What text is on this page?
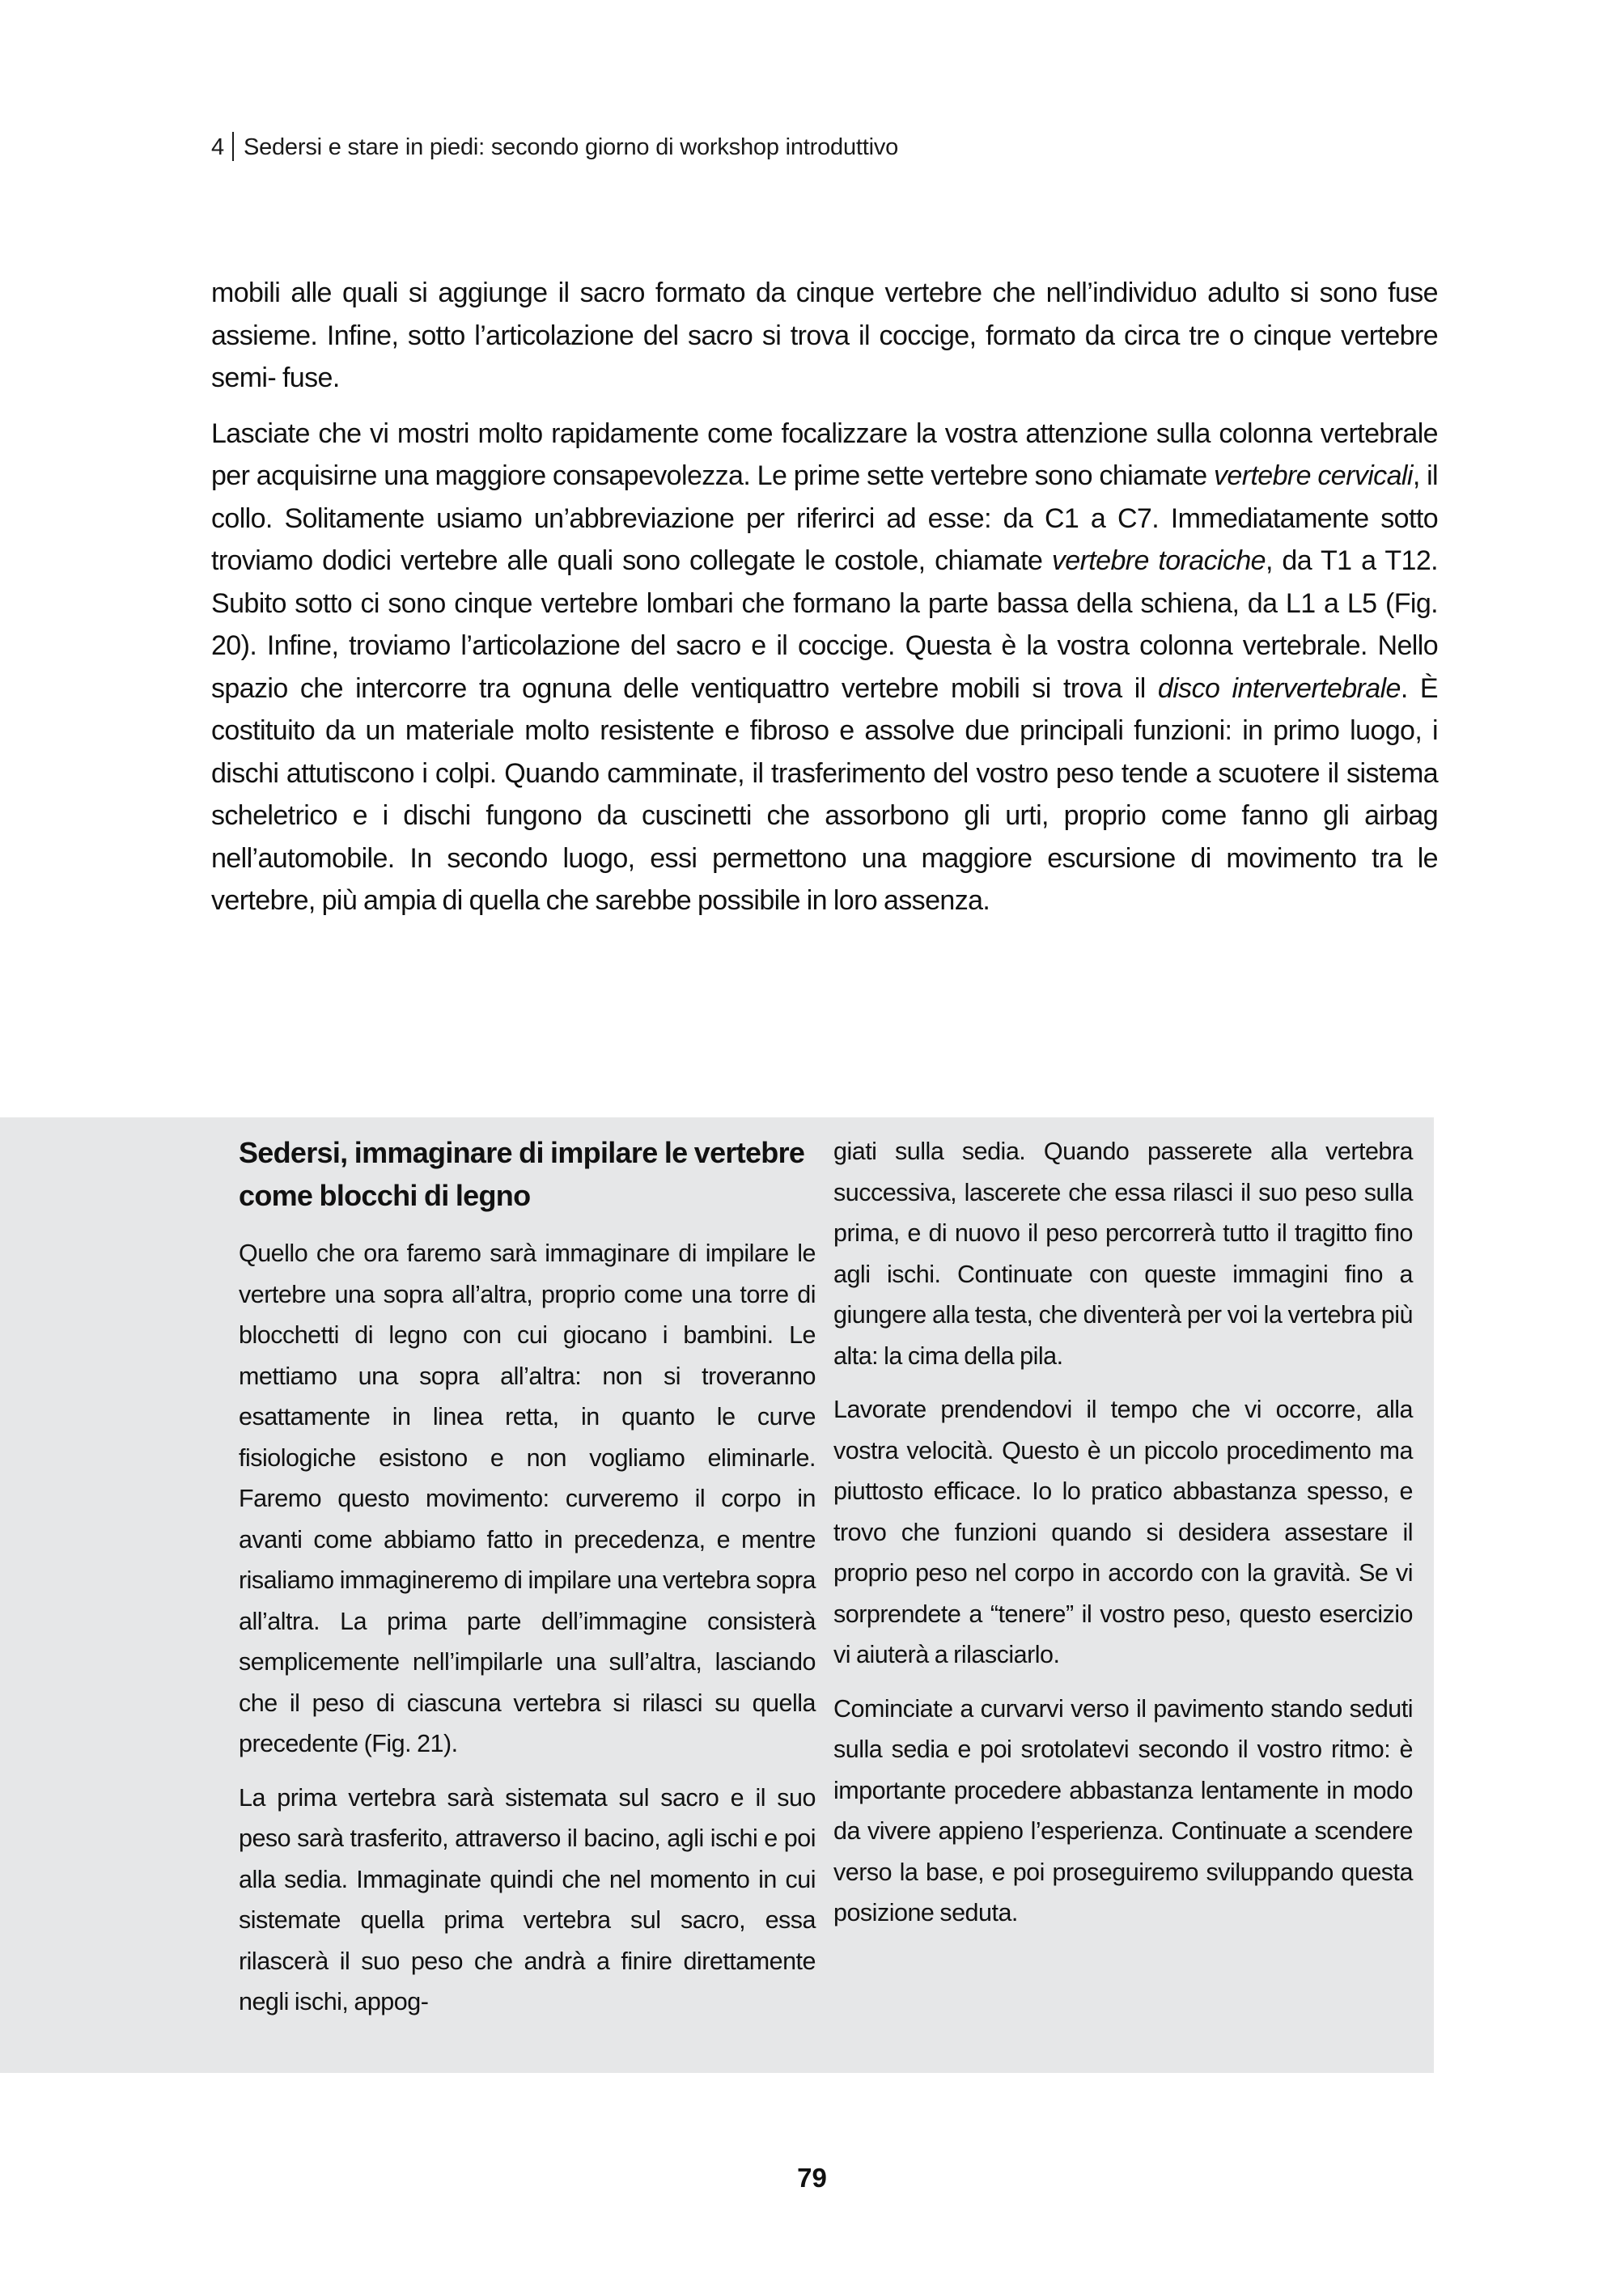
4 Sedersi e stare in piedi: secondo giorno di workshop introduttivo

mobili alle quali si aggiunge il sacro formato da cinque vertebre che nell’individuo adulto si sono fuse assieme. Infine, sotto l’articolazione del sacro si trova il coccige, formato da circa tre o cinque vertebre semi- fuse.

Lasciate che vi mostri molto rapidamente come focalizzare la vostra attenzione sulla colonna vertebrale per acquisirne una maggiore consapevolezza. Le prime sette vertebre sono chiamate vertebre cervicali, il collo. Solitamente usiamo un’abbreviazione per riferirci ad esse: da C1 a C7. Immediatamente sotto troviamo dodici vertebre alle quali sono collegate le costole, chiamate vertebre toraciche, da T1 a T12. Subito sotto ci sono cinque vertebre lombari che formano la parte bassa della schiena, da L1 a L5 (Fig. 20). Infine, troviamo l’articolazione del sacro e il coccige. Questa è la vostra colonna vertebrale. Nello spazio che intercorre tra ognuna delle ventiquattro vertebre mobili si trova il disco intervertebrale. È costituito da un materiale molto resistente e fibroso e assolve due principali funzioni: in primo luogo, i dischi attutiscono i colpi. Quando camminate, il trasferimento del vostro peso tende a scuotere il sistema scheletrico e i dischi fungono da cuscinetti che assorbono gli urti, proprio come fanno gli airbag nell’automobile. In secondo luogo, essi permettono una maggiore escursione di movimento tra le vertebre, più ampia di quella che sarebbe possibile in loro assenza.

Sedersi, immaginare di impilare le vertebre come blocchi di legno

Quello che ora faremo sarà immaginare di impilare le vertebre una sopra all’altra, proprio come una torre di blocchetti di legno con cui giocano i bambini. Le mettiamo una sopra all’altra: non si troveranno esattamente in linea retta, in quanto le curve fisiologiche esistono e non vogliamo eliminarle. Faremo questo movimento: curveremo il corpo in avanti come abbiamo fatto in precedenza, e mentre risaliamo immagineremo di impilare una vertebra sopra all’altra. La prima parte dell’immagine consisterà semplicemente nell’impilarle una sull’altra, lasciando che il peso di ciascuna vertebra si rilasci su quella precedente (Fig. 21).

La prima vertebra sarà sistemata sul sacro e il suo peso sarà trasferito, attraverso il bacino, agli ischi e poi alla sedia. Immaginate quindi che nel momento in cui sistemate quella prima vertebra sul sacro, essa rilascerà il suo peso che andrà a finire direttamente negli ischi, appog-

giati sulla sedia. Quando passerete alla vertebra successiva, lascerete che essa rilasci il suo peso sulla prima, e di nuovo il peso percorrerà tutto il tragitto fino agli ischi. Continuate con queste immagini fino a giungere alla testa, che diventerà per voi la vertebra più alta: la cima della pila.

Lavorate prendendovi il tempo che vi occorre, alla vostra velocità. Questo è un piccolo procedimento ma piuttosto efficace. Io lo pratico abbastanza spesso, e trovo che funzioni quando si desidera assestare il proprio peso nel corpo in accordo con la gravità. Se vi sorprendete a “tenere” il vostro peso, questo esercizio vi aiuterà a rilasciarlo.

Cominciate a curvarvi verso il pavimento stando seduti sulla sedia e poi srotolatevi secondo il vostro ritmo: è importante procedere abbastanza lentamente in modo da vivere appieno l’esperienza. Continuate a scendere verso la base, e poi proseguiremo sviluppando questa posizione seduta.

79
